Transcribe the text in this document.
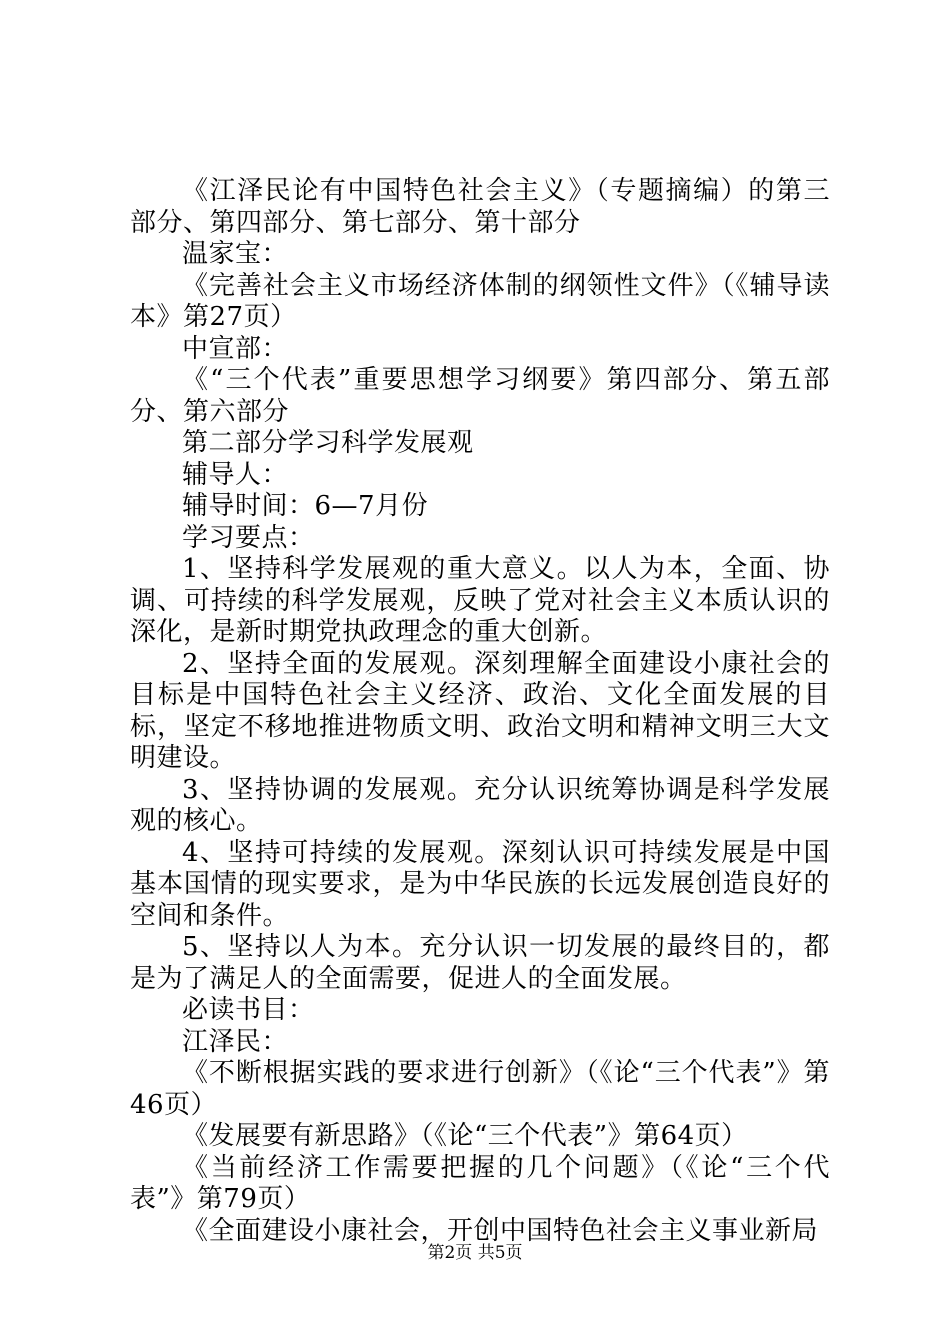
《江泽民论有中国特色社会主义》（专题摘编）的第三部分、第四部分、第七部分、第十部分

温家宝：

《完善社会主义市场经济体制的纲领性文件》（《辅导读本》第27页）

中宣部：

《“三个代表”重要思想学习纲要》第四部分、第五部分、第六部分

第二部分学习科学发展观

辅导人：

辅导时间：6—7月份

学习要点：

1、坚持科学发展观的重大意义。以人为本，全面、协调、可持续的科学发展观，反映了党对社会主义本质认识的深化，是新时期党执政理念的重大创新。

2、坚持全面的发展观。深刻理解全面建设小康社会的目标是中国特色社会主义经济、政治、文化全面发展的目标，坚定不移地推进物质文明、政治文明和精神文明三大文明建设。

3、坚持协调的发展观。充分认识统筹协调是科学发展观的核心。

4、坚持可持续的发展观。深刻认识可持续发展是中国基本国情的现实要求，是为中华民族的长远发展创造良好的空间和条件。

5、坚持以人为本。充分认识一切发展的最终目的，都是为了满足人的全面需要，促进人的全面发展。

必读书目：

江泽民：

《不断根据实践的要求进行创新》（《论“三个代表”》第46页）

《发展要有新思路》（《论“三个代表”》第64页）

《当前经济工作需要把握的几个问题》（《论“三个代表”》第79页）

《全面建设小康社会，开创中国特色社会主义事业新局

第2页 共5页
